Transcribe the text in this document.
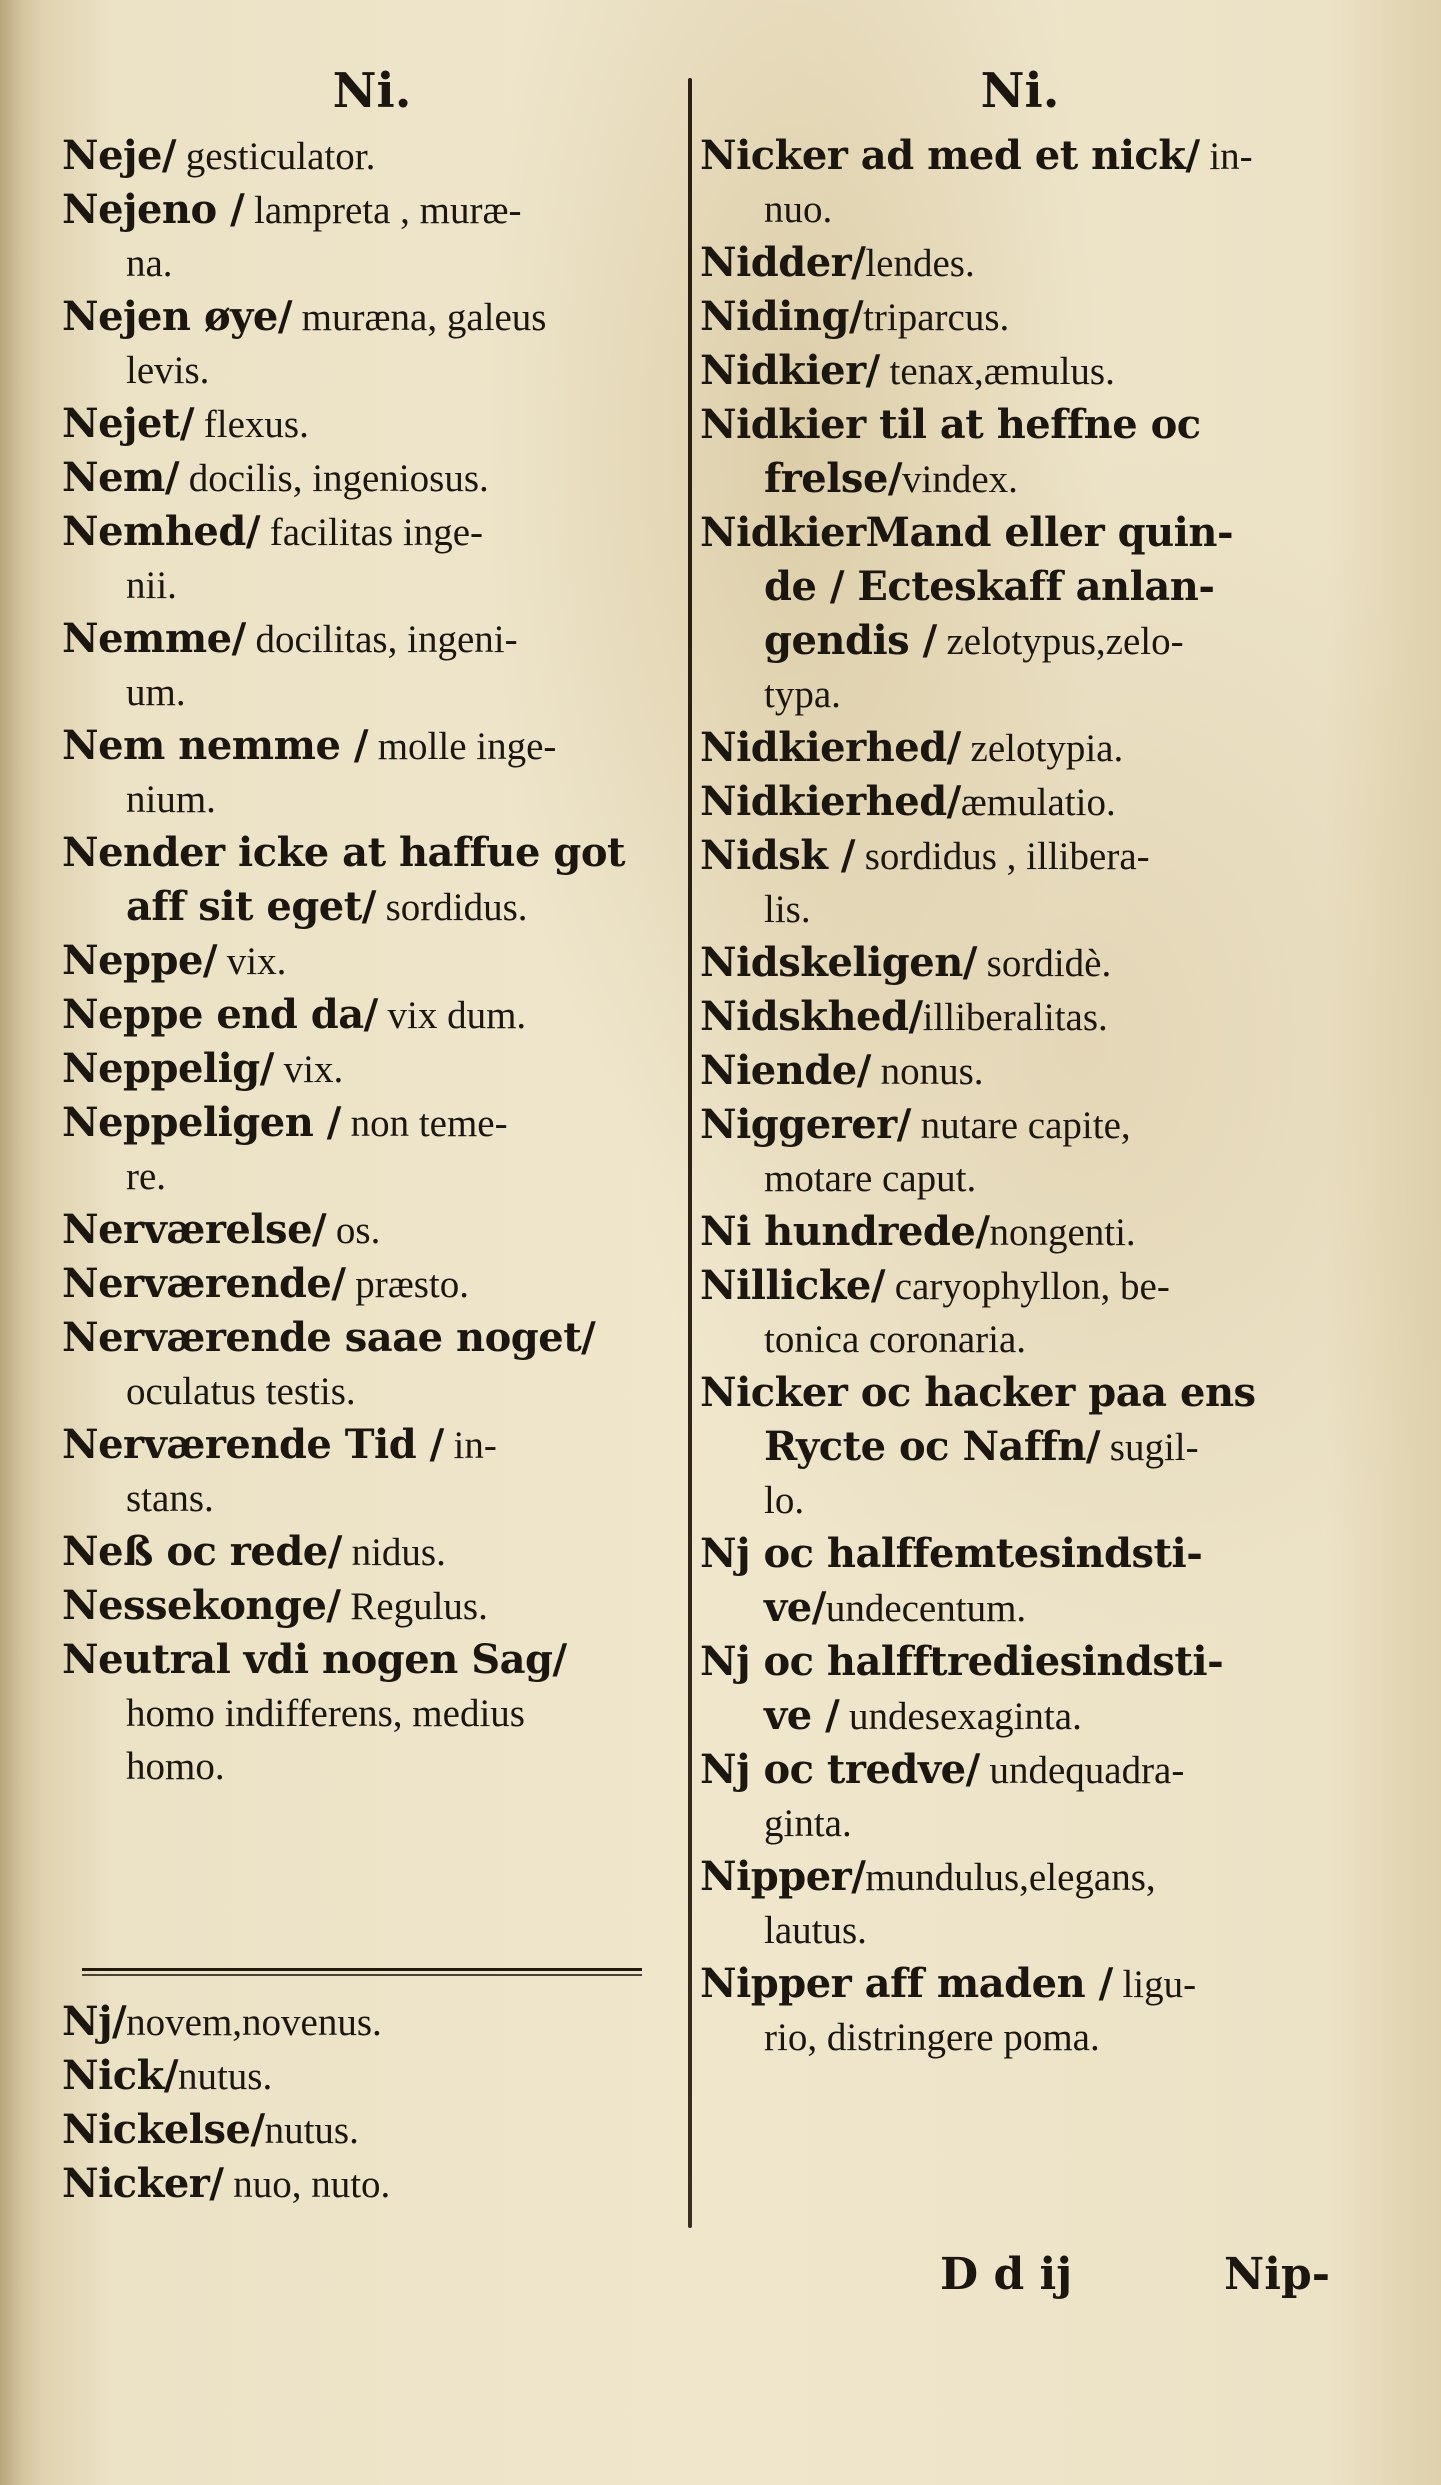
Ni.
Neje/ gesticulator.
Nejeno / lampreta , muræ-
na.
Nejen øye/ muræna, galeus
levis.
Nejet/ flexus.
Nem/ docilis, ingeniosus.
Nemhed/ facilitas inge-
nii.
Nemme/ docilitas, ingeni-
um.
Nem nemme / molle inge-
nium.
Nender icke at haffue got
aff sit eget/ sordidus.
Neppe/ vix.
Neppe end da/ vix dum.
Neppelig/ vix.
Neppeligen / non teme-
re.
Nerværelse/ os.
Nerværende/ præsto.
Nerværende saae noget/
oculatus testis.
Nerværende Tid / in-
stans.
Neß oc rede/ nidus.
Nessekonge/ Regulus.
Neutral vdi nogen Sag/
homo indifferens, medius
homo.
Nj/novem,novenus.
Nick/nutus.
Nickelse/nutus.
Nicker/ nuo, nuto.
Ni.
Nicker ad med et nick/ in-
nuo.
Nidder/lendes.
Niding/triparcus.
Nidkier/ tenax,æmulus.
Nidkier til at heffne oc
frelse/vindex.
NidkierMand eller quin-
de / Ecteskaff anlan-
gendis / zelotypus,zelo-
typa.
Nidkierhed/ zelotypia.
Nidkierhed/æmulatio.
Nidsk / sordidus , illibera-
lis.
Nidskeligen/ sordidè.
Nidskhed/illiberalitas.
Niende/ nonus.
Niggerer/ nutare capite,
motare caput.
Ni hundrede/nongenti.
Nillicke/ caryophyllon, be-
tonica coronaria.
Nicker oc hacker paa ens
Rycte oc Naffn/ sugil-
lo.
Nj oc halffemtesindsti-
ve/undecentum.
Nj oc halfftrediesindsti-
ve / undesexaginta.
Nj oc tredve/ undequadra-
ginta.
Nipper/mundulus,elegans,
lautus.
Nipper aff maden / ligu-
rio, distringere poma.
D d ij	Nip-
